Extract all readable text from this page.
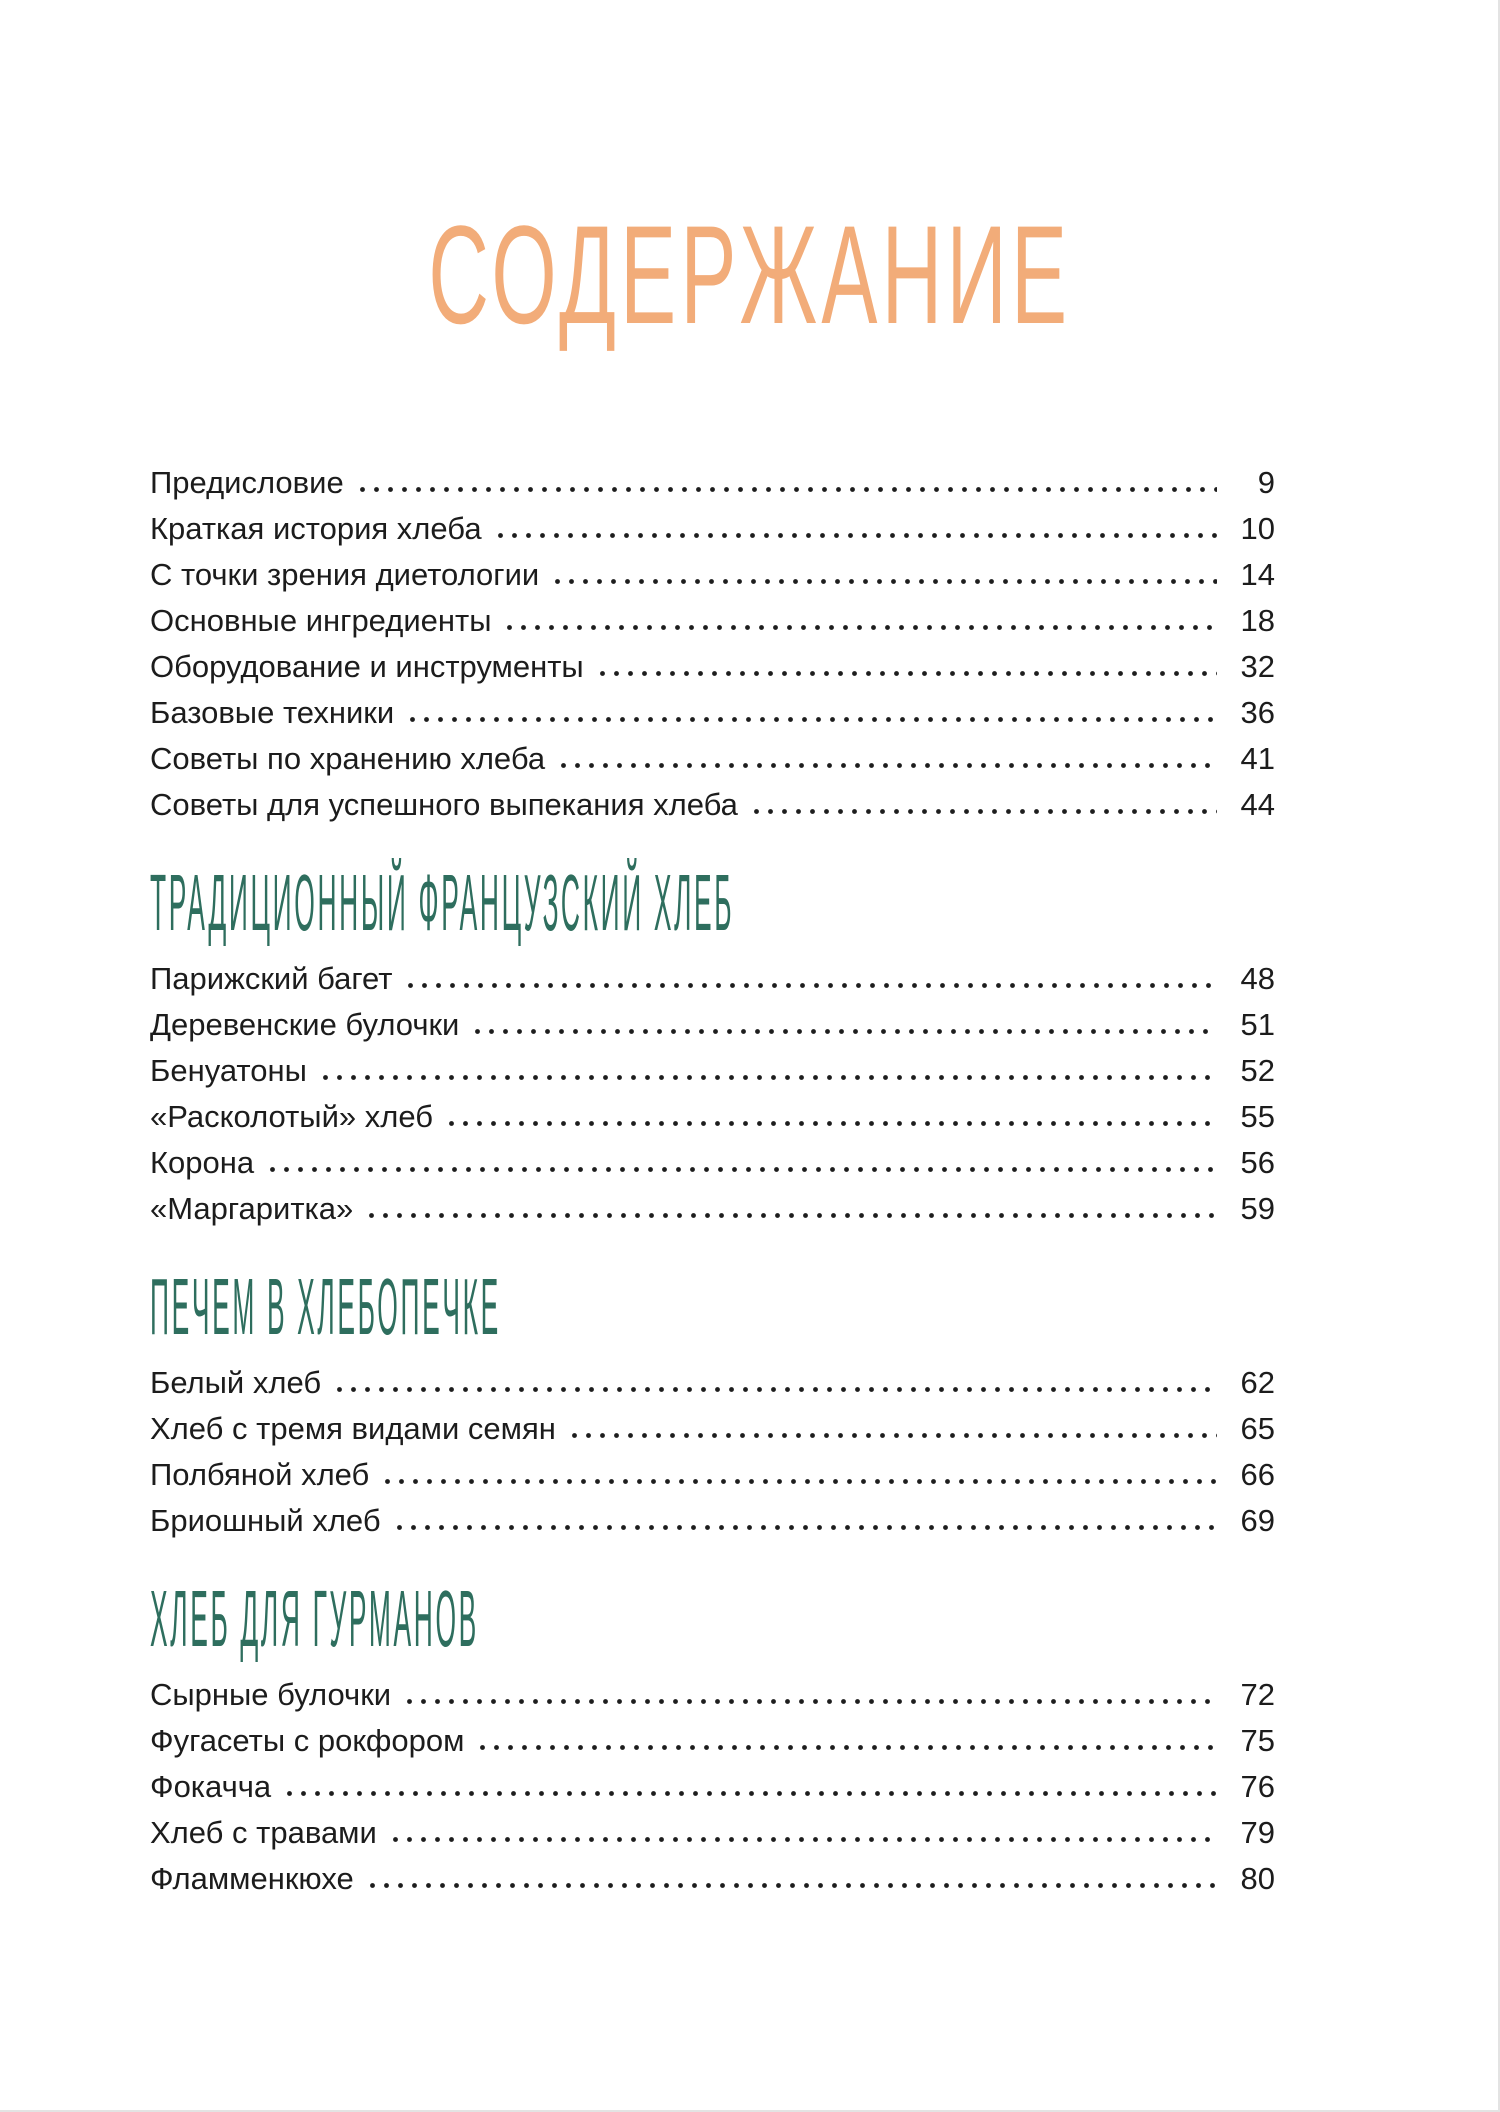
СОДЕРЖАНИЕ
Предисловие	9
Краткая история хлеба	10
С точки зрения диетологии	14
Основные ингредиенты	18
Оборудование и инструменты	32
Базовые техники	36
Советы по хранению хлеба	41
Советы для успешного выпекания хлеба	44
ТРАДИЦИОННЫЙ ФРАНЦУЗСКИЙ ХЛЕБ
Парижский багет	48
Деревенские булочки	51
Бенуатоны	52
«Расколотый» хлеб	55
Корона	56
«Маргаритка»	59
ПЕЧЕМ В ХЛЕБОПЕЧКЕ
Белый хлеб	62
Хлеб с тремя видами семян	65
Полбяной хлеб	66
Бриошный хлеб	69
ХЛЕБ ДЛЯ ГУРМАНОВ
Сырные булочки	72
Фугасеты с рокфором	75
Фокачча	76
Хлеб с травами	79
Фламменкюхе	80
